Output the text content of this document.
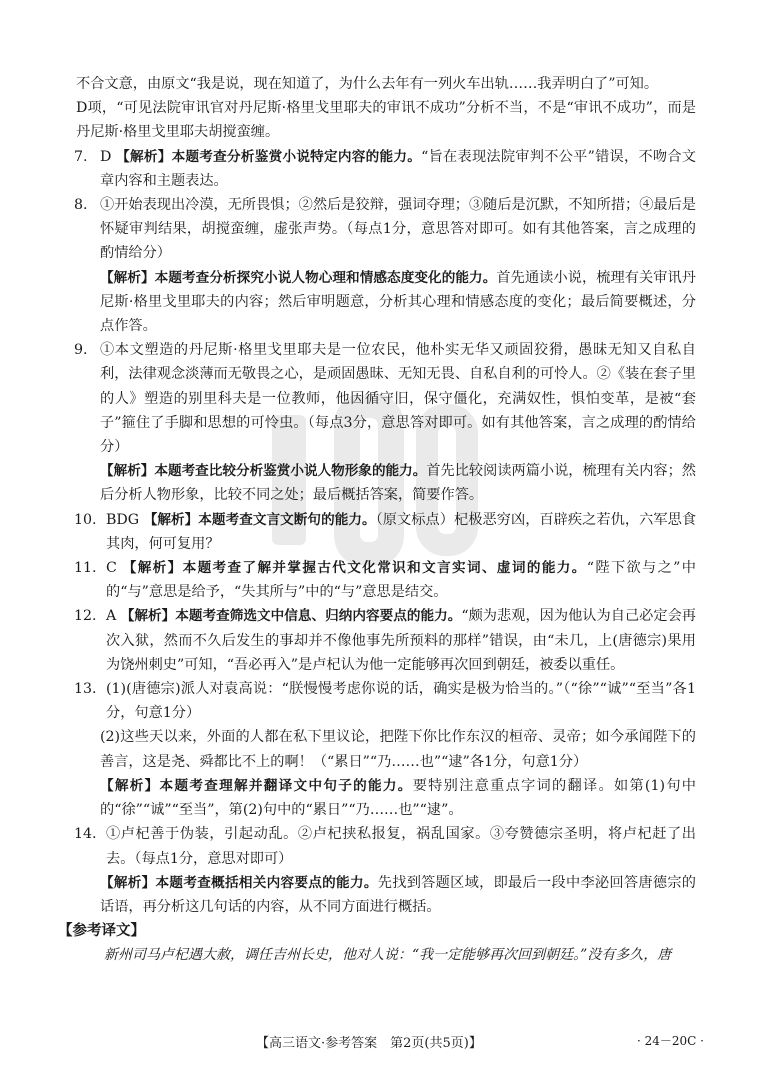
不合文意，由原文“我是说，现在知道了，为什么去年有一列火车出轨……我弄明白了”可知。

D项，“可见法院审讯官对丹尼斯·格里戈里耶夫的审讯不成功”分析不当，不是“审讯不成功”，而是丹尼斯·格里戈里耶夫胡搅蛮缠。

7. D 【解析】本题考查分析鉴赏小说特定内容的能力。“旨在表现法院审判不公平”错误，不吻合文章内容和主题表达。
8. ①开始表现出冷漠，无所畏惧；②然后是狡辩，强词夺理；③随后是沉默，不知所措；④最后是怀疑审判结果，胡搅蛮缠，虚张声势。（每点1分，意思答对即可。如有其他答案，言之成理的酌情给分）
【解析】本题考查分析探究小说人物心理和情感态度变化的能力。首先通读小说，梳理有关审讯丹尼斯·格里戈里耶夫的内容；然后审明题意，分析其心理和情感态度的变化；最后简要概述，分点作答。
9. ①本文塑造的丹尼斯·格里戈里耶夫是一位农民，他朴实无华又顽固狡猾，愚昧无知又自私自利，法律观念淡薄而无敬畏之心，是顽固愚昧、无知无畏、自私自利的可怜人。②《装在套子里的人》塑造的别里科夫是一位教师，他因循守旧，保守僵化，充满奴性，惧怕变革，是被“套子”箍住了手脚和思想的可怜虫。（每点3分，意思答对即可。如有其他答案，言之成理的酌情给分）
【解析】本题考查比较分析鉴赏小说人物形象的能力。首先比较阅读两篇小说，梳理有关内容；然后分析人物形象，比较不同之处；最后概括答案，简要作答。
10. BDG 【解析】本题考查文言文断句的能力。（原文标点）杞极恶穷凶，百辟疾之若仇，六军思食其肉，何可复用？
11. C 【解析】本题考查了解并掌握古代文化常识和文言实词、虚词的能力。“陛下欲与之”中的“与”意思是给予，“失其所与”中的“与”意思是结交。
12. A 【解析】本题考查筛选文中信息、归纳内容要点的能力。“颇为悲观，因为他认为自己必定会再次入狱，然而不久后发生的事却并不像他事先所预料的那样”错误，由“未几，上(唐德宗)果用为饶州刺史”可知，“吾必再入”是卢杞认为他一定能够再次回到朝廷，被委以重任。
13. (1)(唐德宗)派人对袁高说：“朕慢慢考虑你说的话，确实是极为恰当的。”（“徐”“诚”“至当”各1分，句意1分）
(2)这些天以来，外面的人都在私下里议论，把陛下你比作东汉的桓帝、灵帝；如今承闻陛下的善言，这是尧、舜都比不上的啊！（“累日”“乃……也”“逮”各1分，句意1分）
【解析】本题考查理解并翻译文中句子的能力。要特别注意重点字词的翻译。如第(1)句中的“徐”“诚”“至当”，第(2)句中的“累日”“乃……也”“逮”。
14. ①卢杞善于伪装，引起动乱。②卢杞挟私报复，祸乱国家。③夸赞德宗圣明，将卢杞赶了出去。（每点1分，意思对即可）
【解析】本题考查概括相关内容要点的能力。先找到答题区域，即最后一段中李泌回答唐德宗的话语，再分析这几句话的内容，从不同方面进行概括。
【参考译文】

新州司马卢杞遇大赦，调任吉州长史，他对人说：“我一定能够再次回到朝廷。”没有多久，唐

【高三语文·参考答案　第2页(共5页)】	· 24－20C ·
